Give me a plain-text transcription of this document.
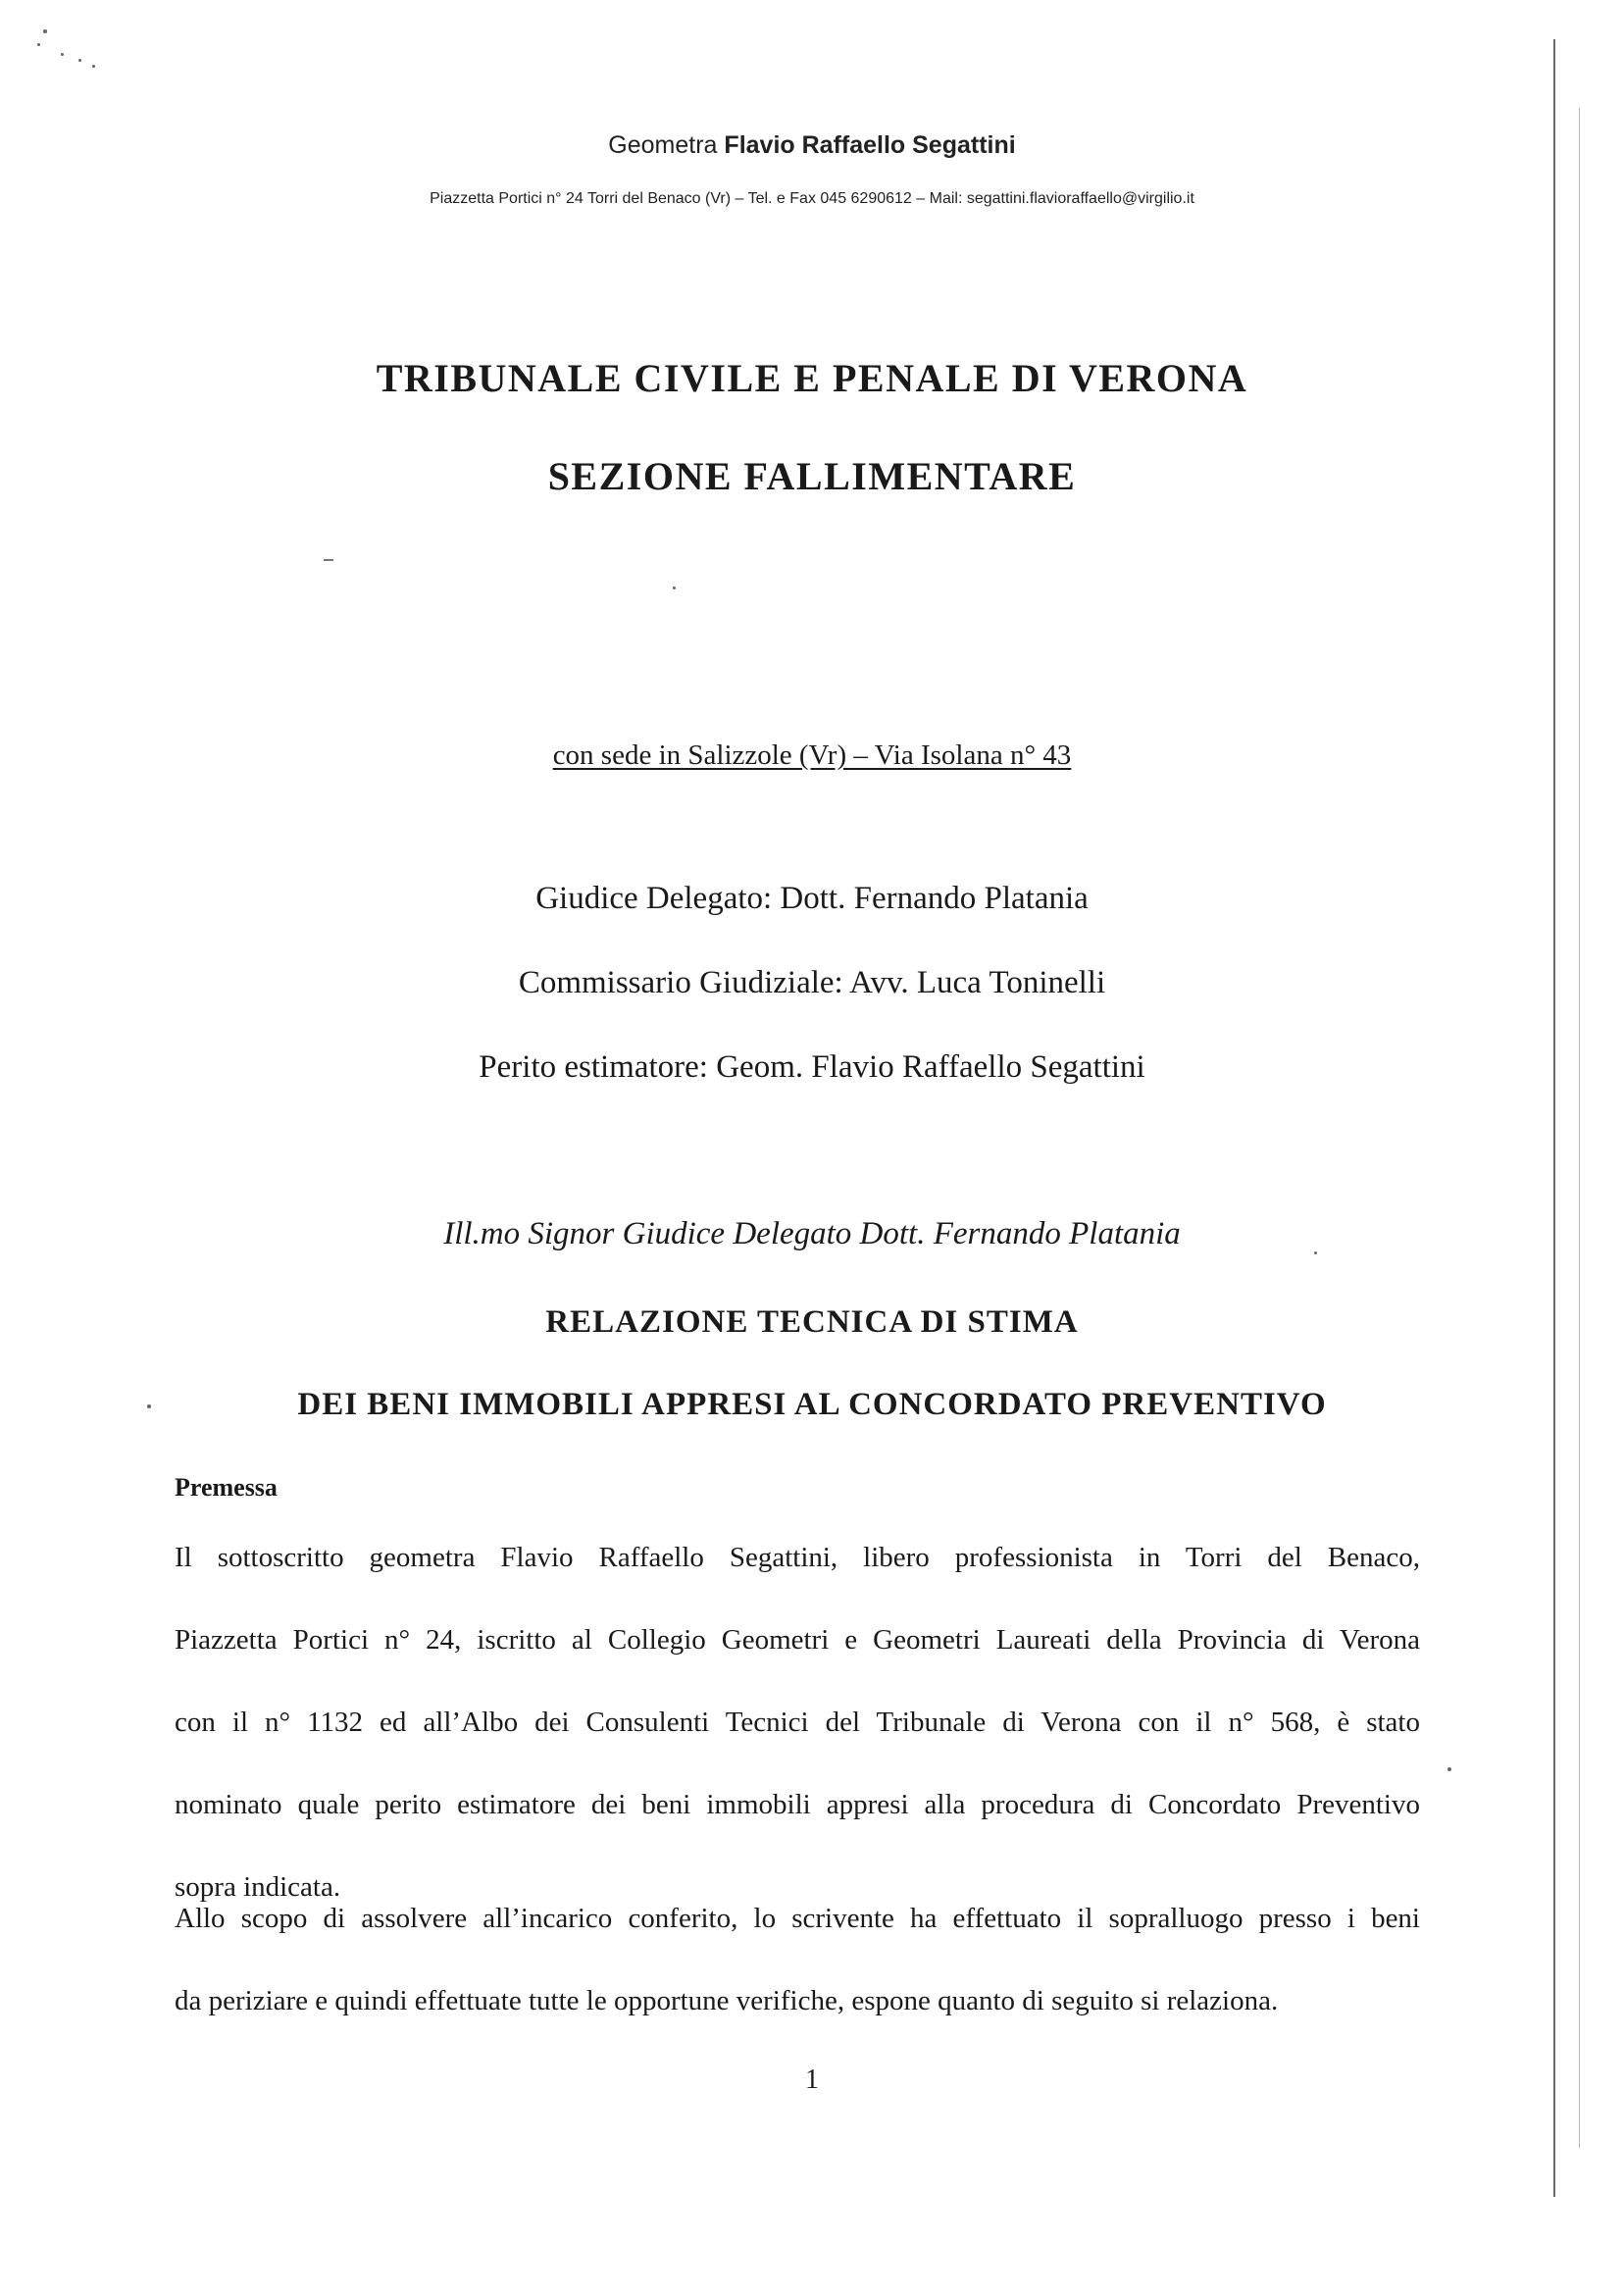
Geometra Flavio Raffaello Segattini
Piazzetta Portici n° 24 Torri del Benaco (Vr) – Tel. e Fax 045 6290612 – Mail: segattini.flavioraffaello@virgilio.it
TRIBUNALE CIVILE E PENALE DI VERONA
SEZIONE FALLIMENTARE
con sede in Salizzole (Vr) – Via Isolana n° 43
Giudice Delegato: Dott. Fernando Platania
Commissario Giudiziale: Avv. Luca Toninelli
Perito estimatore: Geom. Flavio Raffaello Segattini
Ill.mo Signor Giudice Delegato Dott. Fernando Platania
RELAZIONE TECNICA DI STIMA
DEI BENI IMMOBILI APPRESI AL CONCORDATO PREVENTIVO
Premessa
Il sottoscritto geometra Flavio Raffaello Segattini, libero professionista in Torri del Benaco,
Piazzetta Portici n° 24, iscritto al Collegio Geometri e Geometri Laureati della Provincia di Verona
con il n° 1132 ed all’Albo dei Consulenti Tecnici del Tribunale di Verona con il n° 568, è stato
nominato quale perito estimatore dei beni immobili appresi alla procedura di Concordato Preventivo
sopra indicata.
Allo scopo di assolvere all’incarico conferito, lo scrivente ha effettuato il sopralluogo presso i beni
da periziare e quindi effettuate tutte le opportune verifiche, espone quanto di seguito si relaziona.
1
